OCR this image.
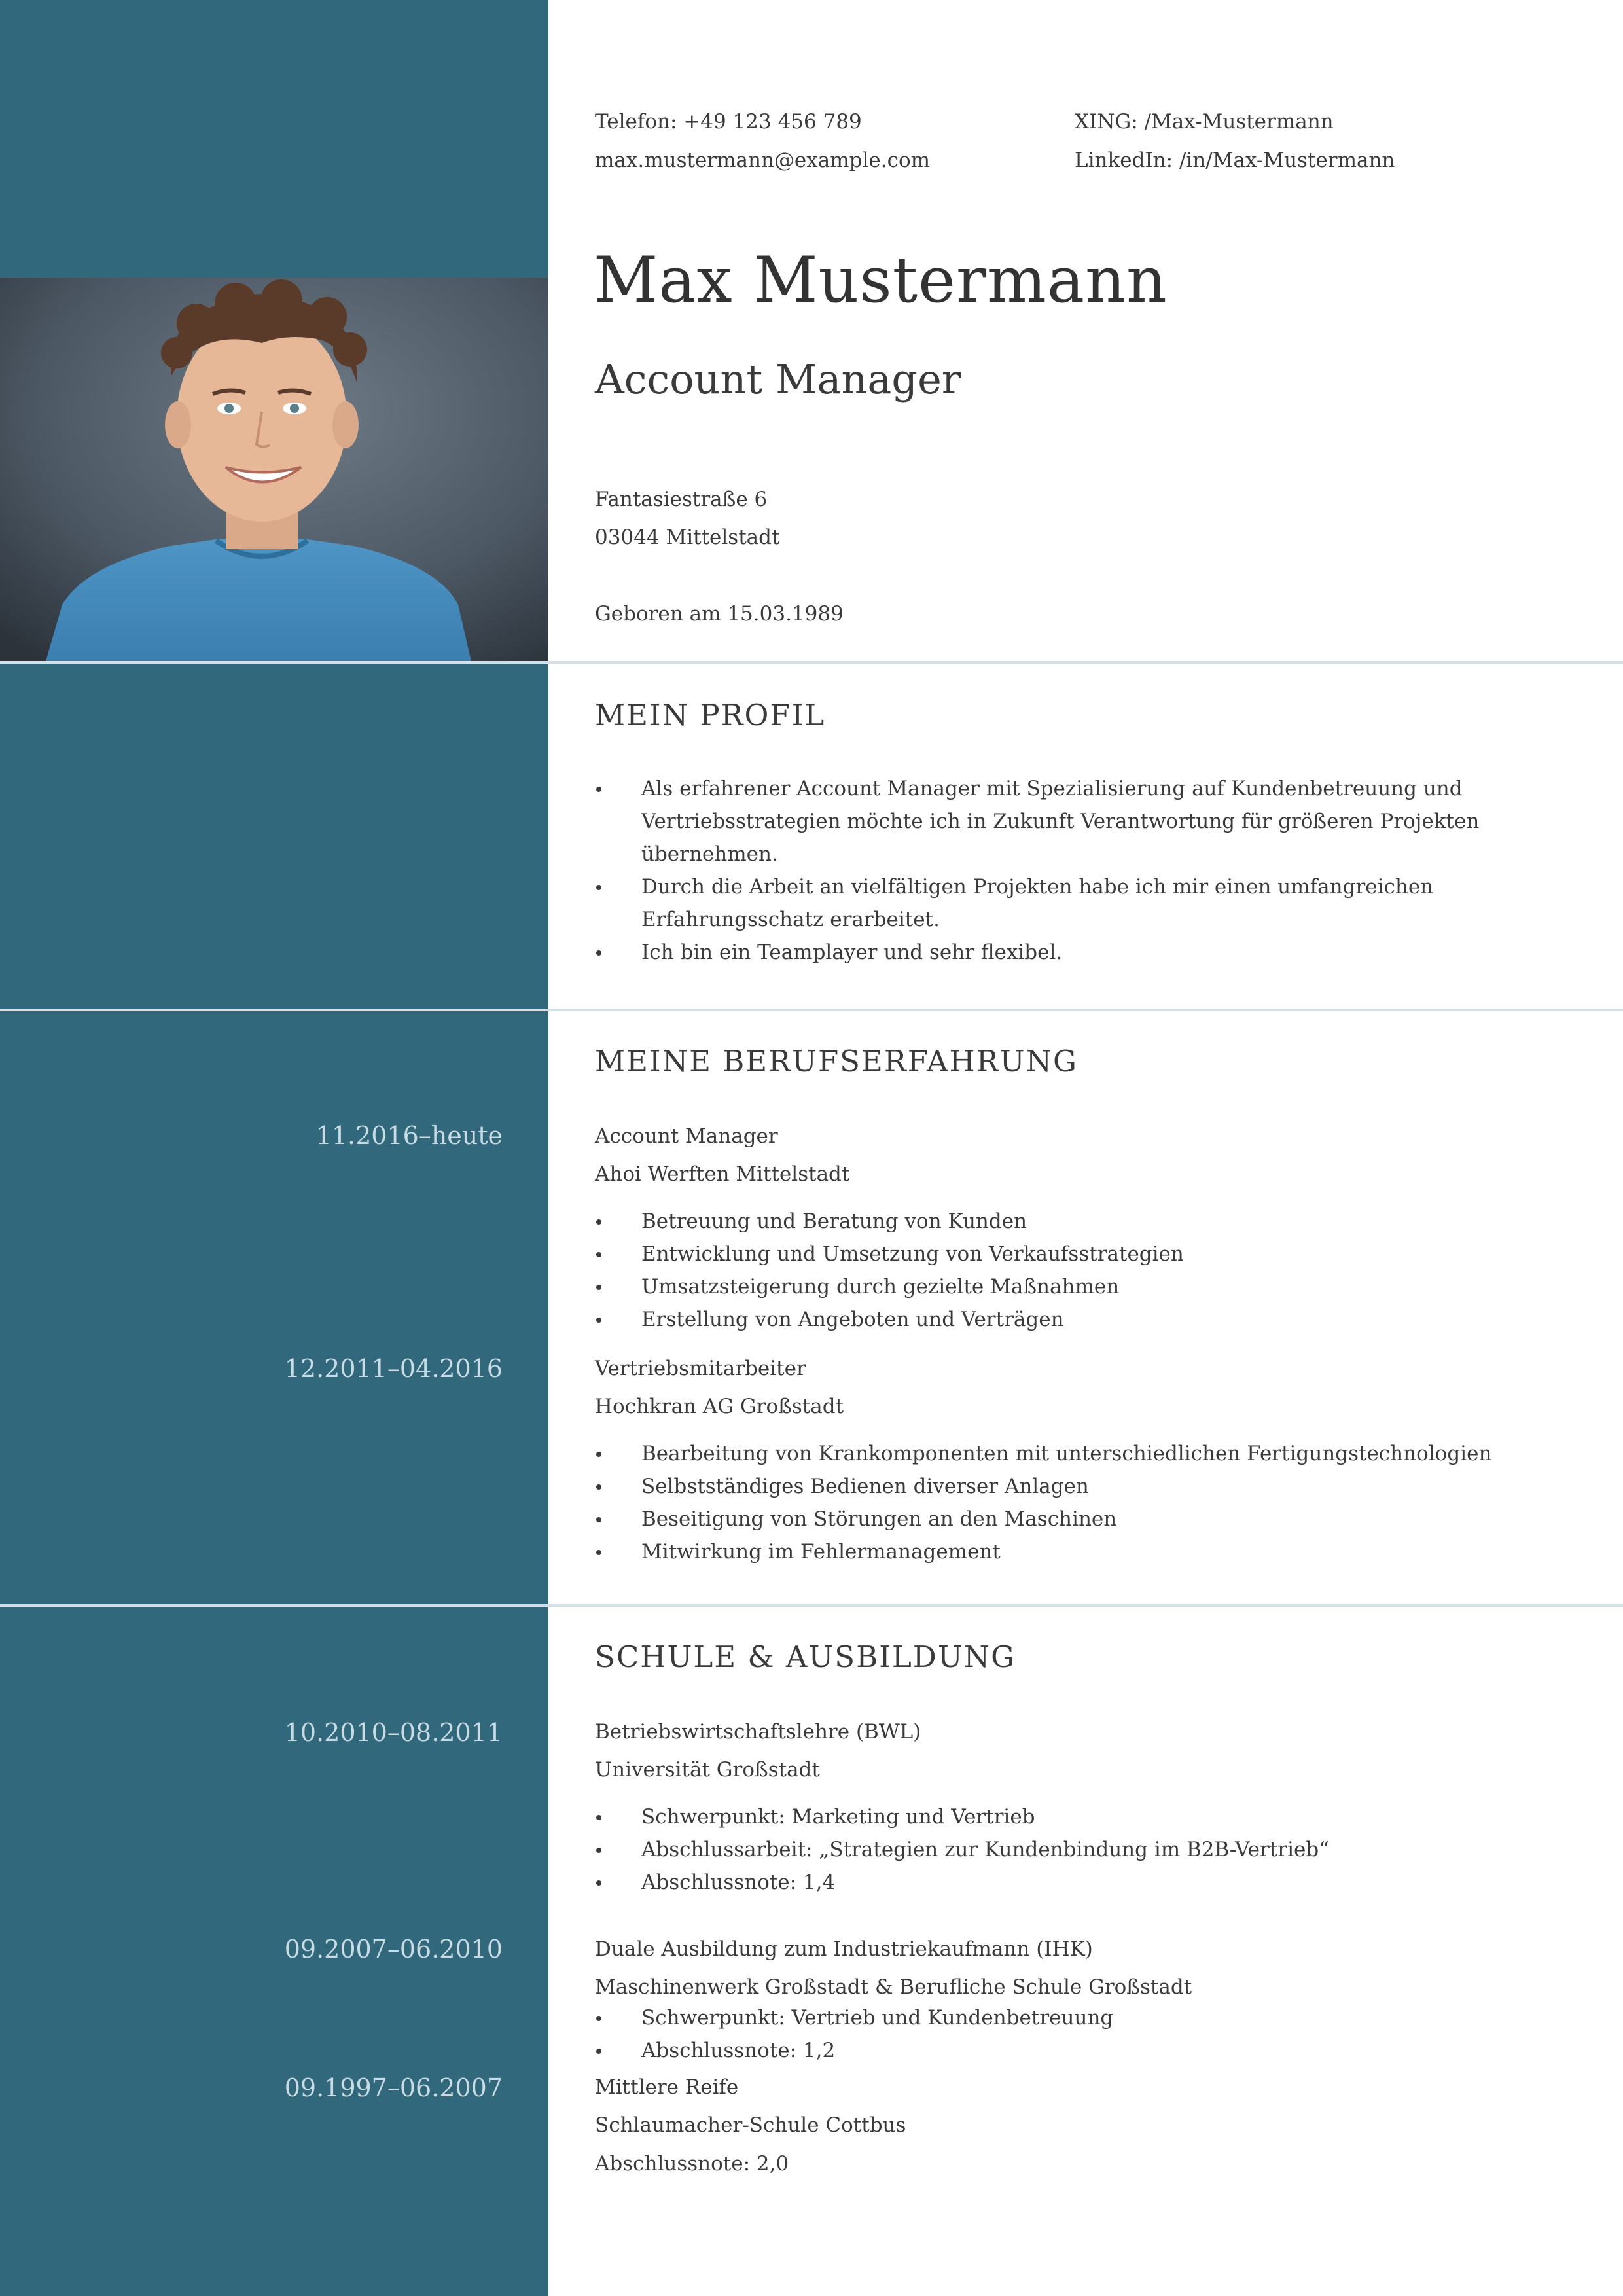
Telefon: +49 123 456 789
max.mustermann@example.com
XING: /Max-Mustermann
LinkedIn: /in/Max-Mustermann
Max Mustermann
Account Manager
Fantasiestraße 6
03044 Mittelstadt
Geboren am 15.03.1989
MEIN PROFIL
Als erfahrener Account Manager mit Spezialisierung auf Kundenbetreuung und Vertriebsstrategien möchte ich in Zukunft Verantwortung für größeren Projekten übernehmen.
Durch die Arbeit an vielfältigen Projekten habe ich mir einen umfangreichen Erfahrungsschatz erarbeitet.
Ich bin ein Teamplayer und sehr flexibel.
MEINE BERUFSERFAHRUNG
11.2016–heute	Account Manager
Ahoi Werften Mittelstadt
Betreuung und Beratung von Kunden
Entwicklung und Umsetzung von Verkaufsstrategien
Umsatzsteigerung durch gezielte Maßnahmen
Erstellung von Angeboten und Verträgen
12.2011–04.2016	Vertriebsmitarbeiter
Hochkran AG Großstadt
Bearbeitung von Krankomponenten mit unterschiedlichen Fertigungstechnologien
Selbstständiges Bedienen diverser Anlagen
Beseitigung von Störungen an den Maschinen
Mitwirkung im Fehlermanagement
SCHULE & AUSBILDUNG
10.2010–08.2011	Betriebswirtschaftslehre (BWL)
Universität Großstadt
Schwerpunkt: Marketing und Vertrieb
Abschlussarbeit: „Strategien zur Kundenbindung im B2B-Vertrieb“
Abschlussnote: 1,4
09.2007–06.2010	Duale Ausbildung zum Industriekaufmann (IHK)
Maschinenwerk Großstadt & Berufliche Schule Großstadt
Schwerpunkt: Vertrieb und Kundenbetreuung
Abschlussnote: 1,2
09.1997–06.2007	Mittlere Reife
Schlaumacher-Schule Cottbus
Abschlussnote: 2,0
